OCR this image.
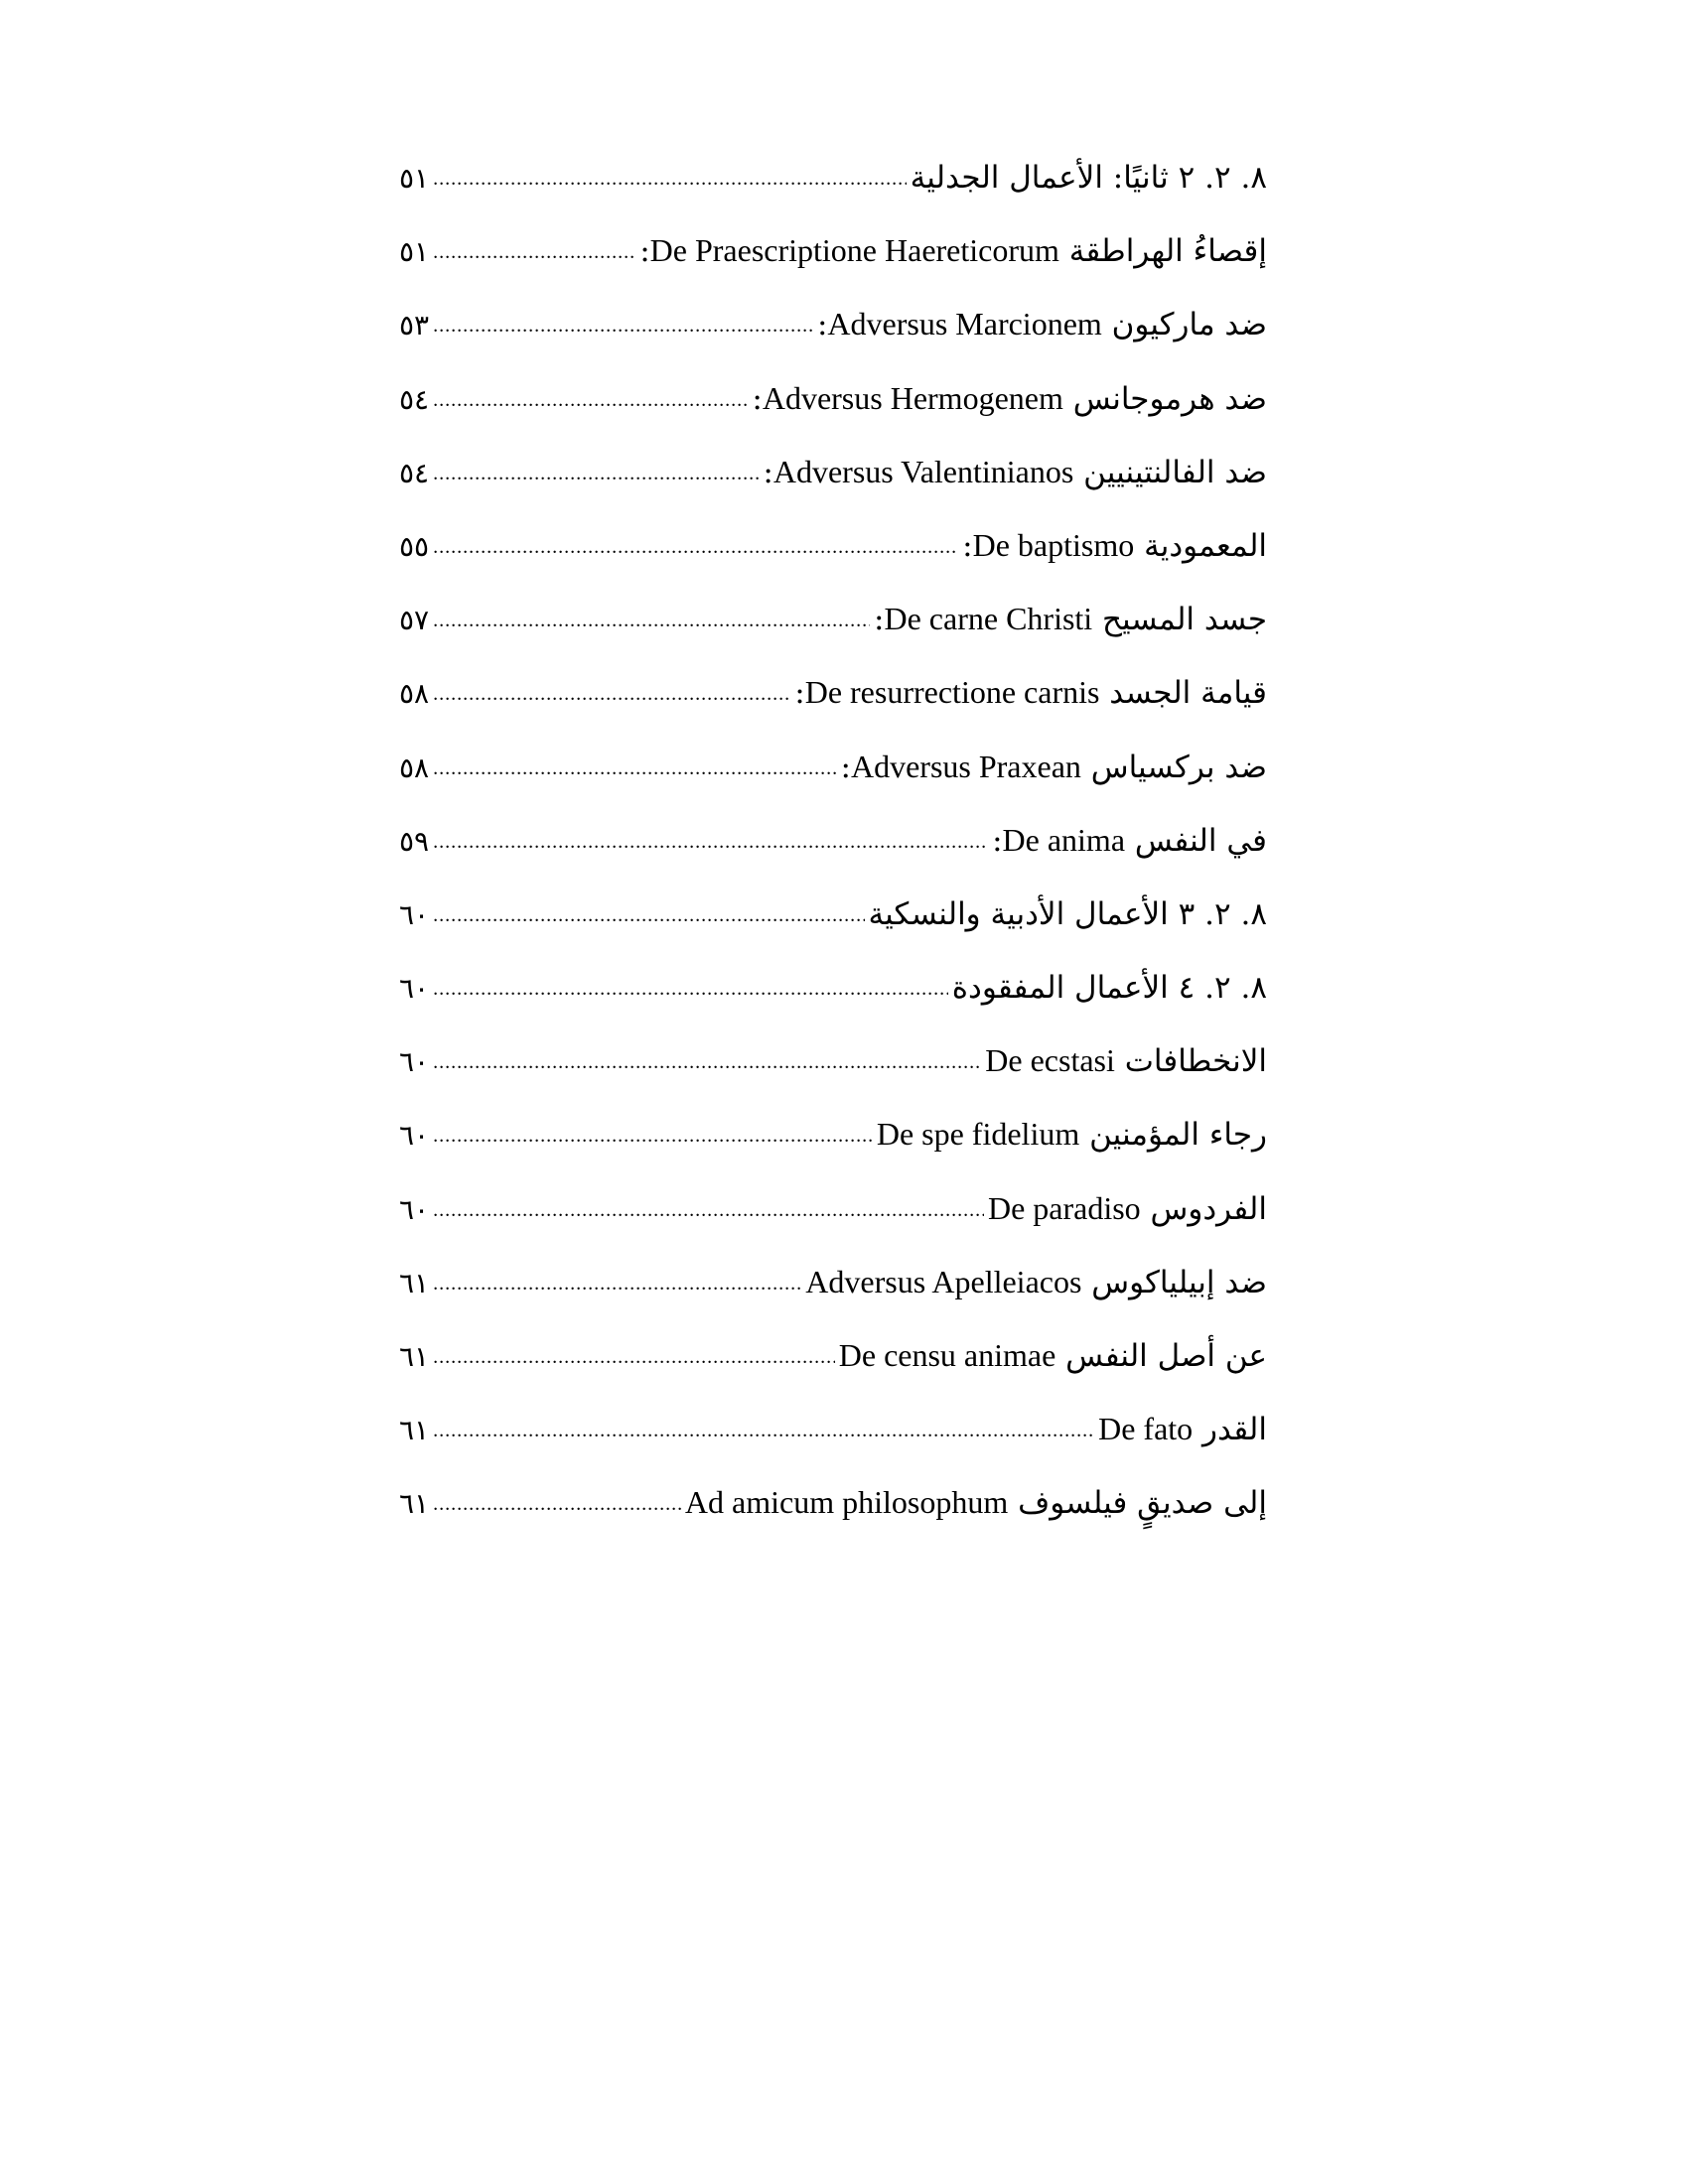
٨. ٢. ٢ ثانيًا: الأعمال الجدلية
.....
٥١
إقصاءُ الهراطقة De Praescriptione Haereticorum:
.....
٥١
ضد ماركيون Adversus Marcionem:
.....
٥٣
ضد هرموجانس Adversus Hermogenem:
.....
٥٤
ضد الفالنتينيين Adversus Valentinianos:
.....
٥٤
المعمودية De baptismo:
.....
٥٥
جسد المسيح De carne Christi:
.....
٥٧
قيامة الجسد De resurrectione carnis:
.....
٥٨
ضد بركسياس Adversus Praxean:
.....
٥٨
في النفس De anima:
.....
٥٩
٨. ٢. ٣ الأعمال الأدبية والنسكية
.....
٦٠
٨. ٢. ٤ الأعمال المفقودة
.....
٦٠
الانخطافات De ecstasi
.....
٦٠
رجاء المؤمنين De spe fidelium
.....
٦٠
الفردوس De paradiso
.....
٦٠
ضد إبيلياكوس Adversus Apelleiacos
.....
٦١
عن أصل النفس De censu animae
.....
٦١
القدر De fato
.....
٦١
إلى صديقٍ فيلسوف Ad amicum philosophum
.....
٦١
